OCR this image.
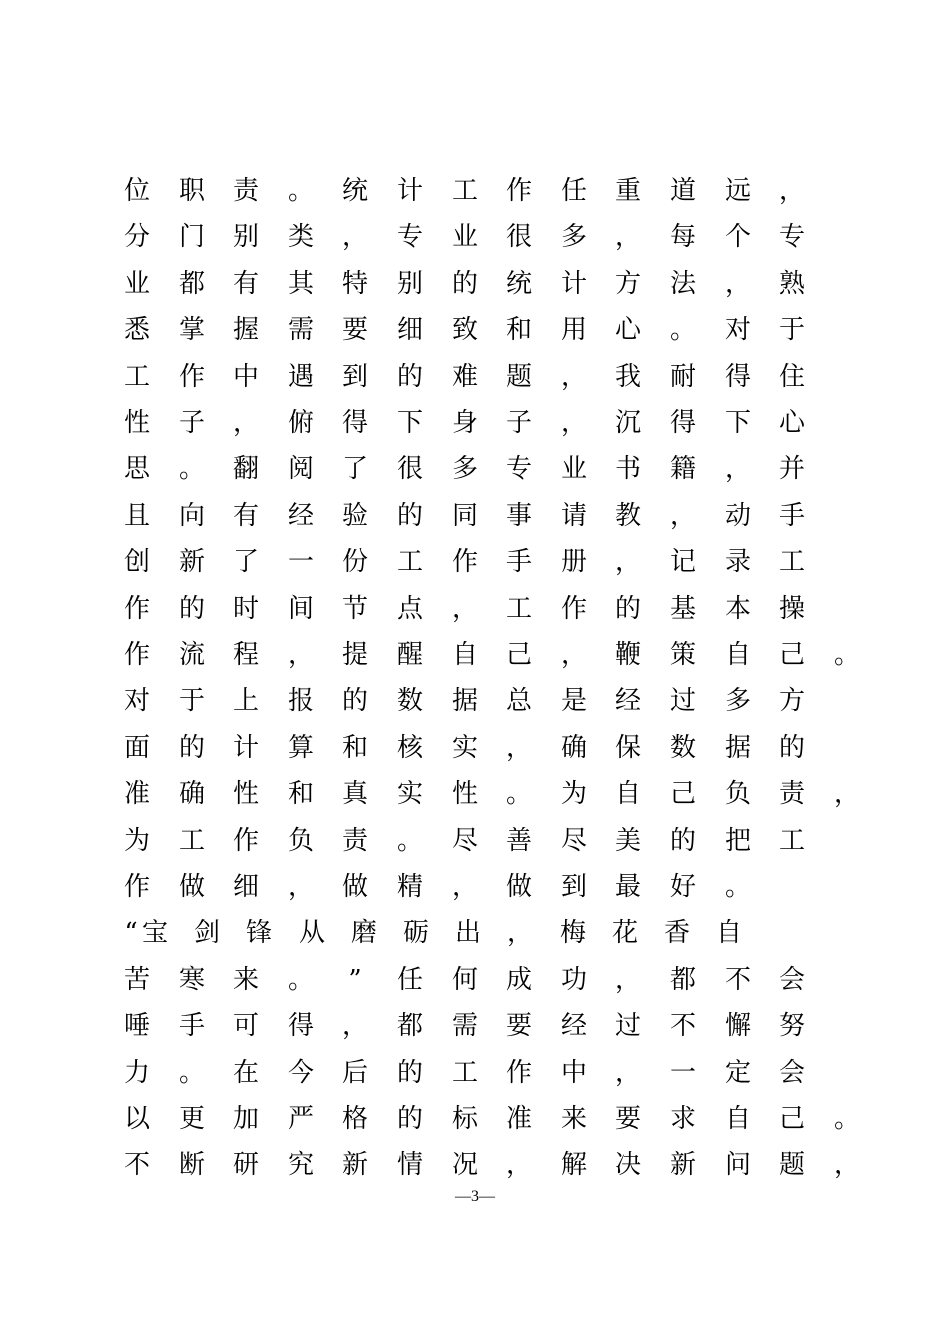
位 职 责 。 统 计 工 作 任 重 道 远 ，
分 门 别 类 ， 专 业 很 多 ， 每 个 专
业 都 有 其 特 别 的 统 计 方 法 ， 熟
悉 掌 握 需 要 细 致 和 用 心 。 对 于
工 作 中 遇 到 的 难 题 ， 我 耐 得 住
性 子 ， 俯 得 下 身 子 ， 沉 得 下 心
思 。 翻 阅 了 很 多 专 业 书 籍 ， 并
且 向 有 经 验 的 同 事 请 教 ， 动 手
创 新 了 一 份 工 作 手 册 ， 记 录 工
作 的 时 间 节 点 ， 工 作 的 基 本 操
作 流 程 ， 提 醒 自 己 ， 鞭 策 自 己 。
对 于 上 报 的 数 据 总 是 经 过 多 方
面 的 计 算 和 核 实 ， 确 保 数 据 的
准 确 性 和 真 实 性 。 为 自 己 负 责 ，
为 工 作 负 责 。 尽 善 尽 美 的 把 工
作 做 细 ， 做 精 ， 做 到 最 好 。
“ 宝 剑 锋 从 磨 砺 出 ， 梅 花 香 自
苦 寒 来 。	”	任 何 成 功 ， 都 不 会
唾 手 可 得 ， 都 需 要 经 过 不 懈 努
力 。 在 今 后 的 工 作 中 ， 一 定 会
以 更 加 严 格 的 标 准 来 要 求 自 己 。
不 断 研 究 新 情 况 ， 解 决 新 问 题 ，
—3—
